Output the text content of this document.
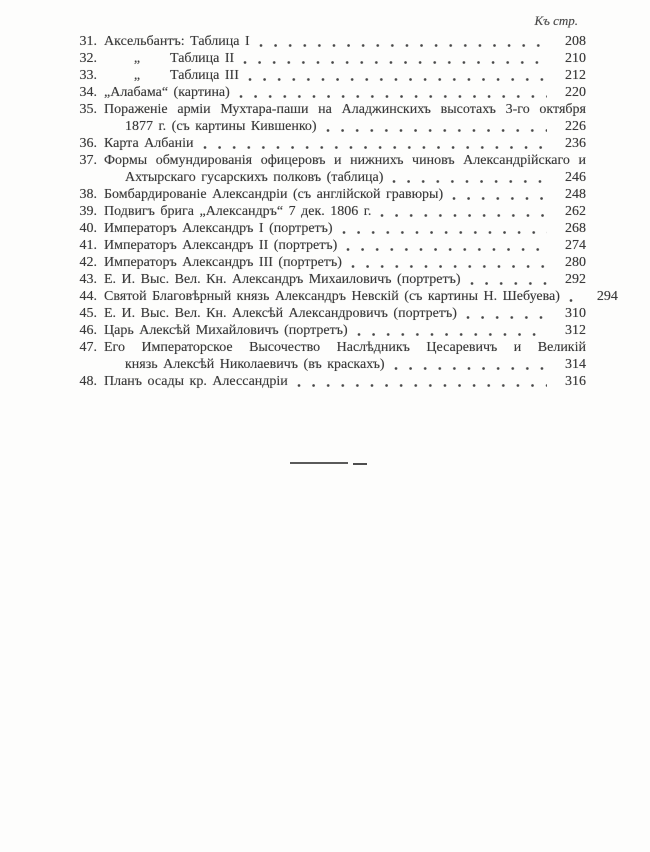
Къ стр.
31. Аксельбантъ: Таблица I	208
32.	„	Таблица II	210
33.	„	Таблица III	212
34. „Алабама“ (картина)	220
35. Пораженіе арміи Мухтара-паши на Аладжинскихъ высотахъ 3-го октября
1877 г. (съ картины Кившенко)	226
36. Карта Албаніи	236
37. Формы обмундированія офицеровъ и нижнихъ чиновъ Александрійскаго и
Ахтырскаго гусарскихъ полковъ (таблица)	246
38. Бомбардированіе Александріи (съ англійской гравюры)	248
39. Подвигъ брига „Александръ“ 7 дек. 1806 г.	262
40. Императоръ Александръ I (портретъ)	268
41. Императоръ Александръ II (портретъ)	274
42. Императоръ Александръ III (портретъ)	280
43. Е. И. Выс. Вел. Кн. Александръ Михаиловичъ (портретъ)	292
44. Святой Благовѣрный князь Александръ Невскій (съ картины Н. Шебуева)	294
45. Е. И. Выс. Вел. Кн. Алексѣй Александровичъ (портретъ)	310
46. Царь Алексѣй Михайловичъ (портретъ)	312
47. Его Императорское Высочество Наслѣдникъ Цесаревичъ и Великій
князь Алексѣй Николаевичъ (въ краскахъ)	314
48. Планъ осады кр. Алессандріи	316
